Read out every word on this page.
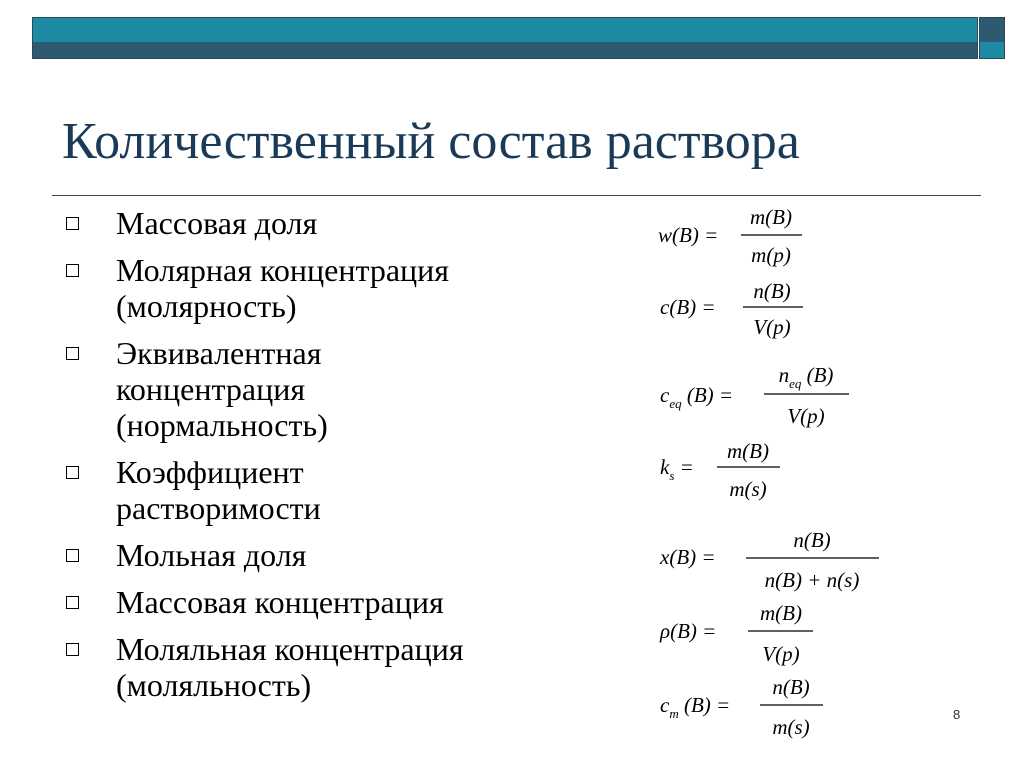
Количественный состав раствора
Массовая доля
Молярная концентрация
(молярность)
Эквивалентная
концентрация
(нормальность)
Коэффициент
растворимости
Мольная доля
Массовая концентрация
Моляльная концентрация
(моляльность)
w(B) =
m(B)
m(p)
c(B) =
n(B)
V(p)
$c_{eq}$ (B) =
$n_{eq}$ (B)
V(p)
$k_s$ =
m(B)
m(s)
x(B) =
n(B)
n(B) + n(s)
ρ(B) =
m(B)
V(p)
$c_m$ (B) =
n(B)
m(s)
8
